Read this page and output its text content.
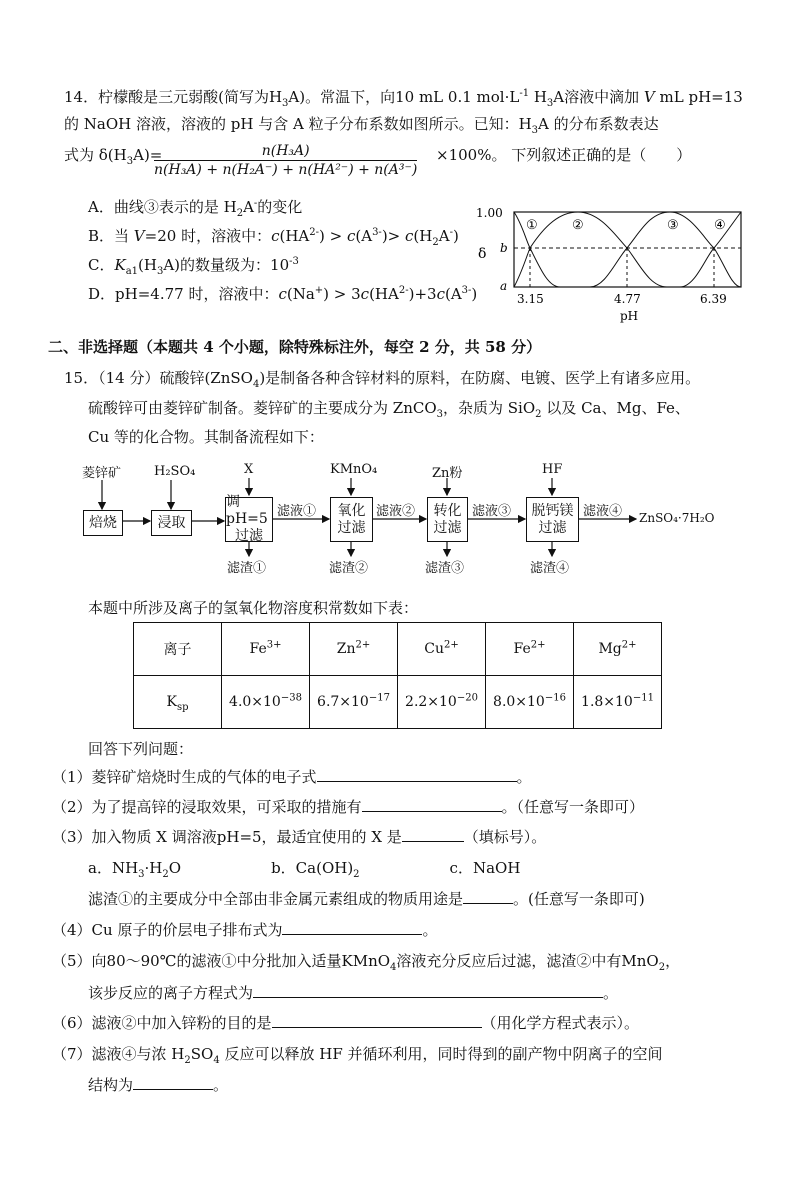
14．柠檬酸是三元弱酸(简写为$H_3A$)。常温下，向10 mL 0.1 $mol\cdot L^{-1}$ $H_3A$溶液中滴加 V mL pH=13
的 NaOH 溶液，溶液的 pH 与含 A 粒子分布系数如图所示。已知：$H_3A$ 的分布系数表达
式为 $\delta(H_3A)=$	×100%。 下列叙述正确的是（　　）
A．曲线③表示的是 $H_2A^-$的变化
B．当 V=20 时，溶液中：$c(HA^{2-}) > c(A^{3-})> c(H_2A^-)$
C．$K_{a1}(H_3A)$的数量级为：$10^{-3}$
D．pH=4.77 时，溶液中：$c(Na^+) > 3c(HA^{2-})+3c(A^{3-})$
$\frac{\text{n(H₃A)}}{\text{n(H₃A) + n(H₂A⁻) + n(HA²⁻) + n(A³⁻)}}$
1.00
b
a
δ
①	②	③	④
3.15	4.77	6.39
pH
二、非选择题（本题共 4 个小题，除特殊标注外，每空 2 分，共 58 分）
15．（14 分）硫酸锌(ZnSO$_4$)是制备各种含锌材料的原料，在防腐、电镀、医学上有诸多应用。
硫酸锌可由菱锌矿制备。菱锌矿的主要成分为 ZnCO$_3$，杂质为 SiO$_2$ 以及 Ca、Mg、Fe、
Cu 等的化合物。其制备流程如下：
菱锌矿	H₂SO₄	X	KMnO₄	Zn粉	HF
焙烧	浸取
调pH=5
过滤
氧化
过滤
转化
过滤
脱钙镁
过滤
滤液①	滤液②	滤液③	滤液④ ZnSO₄·7H₂O
滤渣①	滤渣②	滤渣③	滤渣④
本题中所涉及离子的氢氧化物溶度积常数如下表：
离子	$Fe^{3+}$	$Zn^{2+}$	$Cu^{2+}$	$Fe^{2+}$	$Mg^{2+}$
$K_{sp}$	$4.0\times 10^{-38}$	$6.7\times 10^{-17}$	$2.2\times 10^{-20}$	$8.0\times 10^{-16}$	$1.8\times 10^{-11}$
回答下列问题：
（1）菱锌矿焙烧时生成的气体的电子式	。
（2）为了提高锌的浸取效果，可采取的措施有	。（任意写一条即可）
（3）加入物质 X 调溶液pH=5，最适宜使用的 X 是	（填标号）。
a．$NH_3\cdot H_2O$　　　　　　b．$Ca(OH)_2$　　　　　　c．NaOH
滤渣①的主要成分中全部由非金属元素组成的物质用途是	。(任意写一条即可)
（4）Cu 原子的价层电子排布式为	。
（5）向80～90℃的滤液①中分批加入适量KMnO$_4$溶液充分反应后过滤，滤渣②中有MnO$_2$，
该步反应的离子方程式为	。
（6）滤液②中加入锌粉的目的是	（用化学方程式表示）。
（7）滤液④与浓 $H_2SO_4$ 反应可以释放 HF 并循环利用，同时得到的副产物中阴离子的空间
结构为	。
